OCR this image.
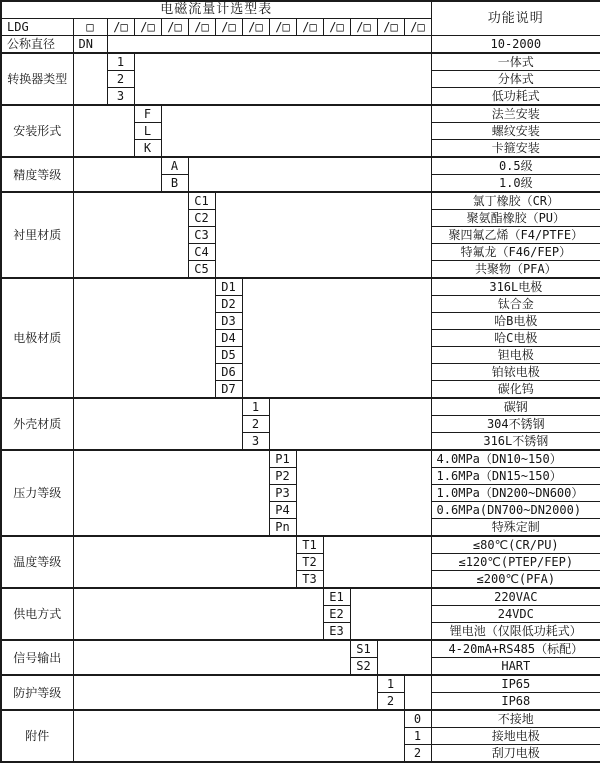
电磁流量计选型表														功能说明
LDG	□	/□	/□	/□	/□	/□	/□	/□	/□	/□	/□	/□	/□	
公称直径	DN													10-2000
转换器类型		1												一体式
		2												分体式
		3												低功耗式
安装形式			F											法兰安装
			L											螺纹安装
			K											卡箍安装
精度等级				A										0.5级
				B										1.0级
衬里材质					C1									氯丁橡胶（CR）
					C2									聚氨酯橡胶（PU）
					C3									聚四氟乙烯（F4/PTFE）
					C4									特氟龙（F46/FEP）
					C5									共聚物（PFA）
电极材质						D1								316L电极
						D2								钛合金
						D3								哈B电极
						D4								哈C电极
						D5								钽电极
						D6								铂铱电极
						D7								碳化钨
外壳材质							1							碳钢
							2							304不锈钢
							3							316L不锈钢
压力等级								P1						4.0MPa（DN10~150）
								P2						1.6MPa（DN15~150）
								P3						1.0MPa（DN200~DN600）
								P4						0.6MPa(DN700~DN2000)
								Pn						特殊定制
温度等级									T1					≤80℃(CR/PU)
									T2					≤120℃(PTEP/FEP)
									T3					≤200℃(PFA)
供电方式										E1				220VAC
										E2				24VDC
										E3				锂电池（仅限低功耗式）
信号输出											S1			4-20mA+RS485（标配）
											S2			HART
防护等级												1		IP65
												2		IP68
附件													0	不接地
													1	接地电极
													2	刮刀电极
